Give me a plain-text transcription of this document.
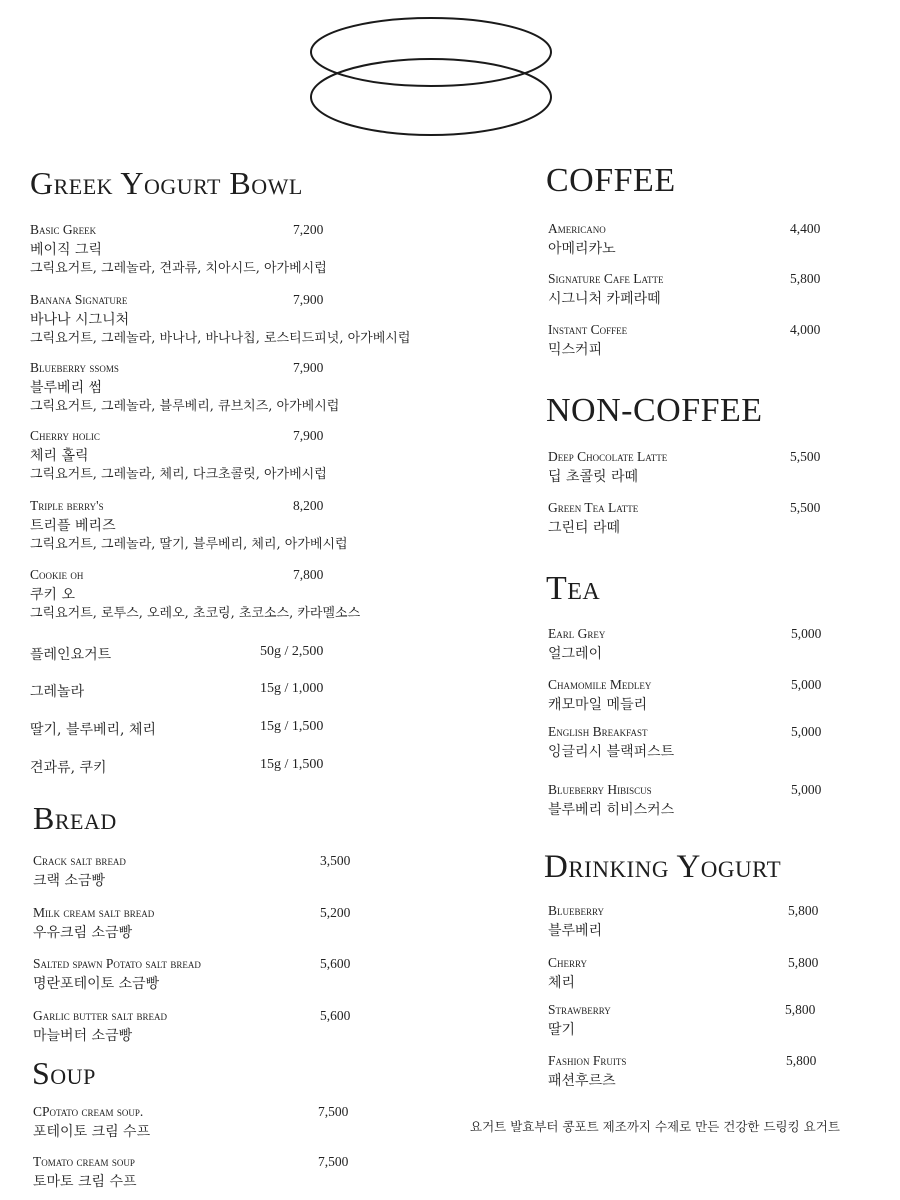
Greek Yogurt Bowl
Basic Greek	7,200
베이직 그릭
그릭요거트, 그레놀라, 견과류, 치아시드, 아가베시럽
Banana Signature	7,900
바나나 시그니처
그릭요거트, 그레놀라, 바나나, 바나나칩, 로스티드피넛, 아가베시럽
Blueberry ssoms	7,900
블루베리 썸
그릭요거트, 그레놀라, 블루베리, 큐브치즈, 아가베시럽
Cherry holic	7,900
체리 홀릭
그릭요거트, 그레놀라, 체리, 다크초콜릿, 아가베시럽
Triple berry's	8,200
트리플 베리즈
그릭요거트, 그레놀라, 딸기, 블루베리, 체리, 아가베시럽
Cookie oh	7,800
쿠키 오
그릭요거트, 로투스, 오레오, 초코링, 초코소스, 카라멜소스
플레인요거트	50g / 2,500
그레놀라	15g / 1,000
딸기, 블루베리, 체리	15g / 1,500
견과류, 쿠키	15g / 1,500
Bread
Crack salt bread	3,500
크랙 소금빵
Milk cream salt bread	5,200
우유크림 소금빵
Salted spawn Potato salt bread	5,600
명란포테이토 소금빵
Garlic butter salt bread	5,600
마늘버터 소금빵
Soup
CPotato cream soup.	7,500
포테이토 크림 수프
Tomato cream soup	7,500
토마토 크림 수프
COFFEE
Americano	4,400
아메리카노
Signature Cafe Latte	5,800
시그니처 카페라떼
Instant Coffee	4,000
믹스커피
NON-COFFEE
Deep Chocolate Latte	5,500
딥 초콜릿 라떼
Green Tea Latte	5,500
그린티 라떼
Tea
Earl Grey	5,000
얼그레이
Chamomile Medley	5,000
캐모마일 메들리
English Breakfast	5,000
잉글리시 블랙퍼스트
Blueberry Hibiscus	5,000
블루베리 히비스커스
Drinking Yogurt
Blueberry	5,800
블루베리
Cherry	5,800
체리
Strawberry	5,800
딸기
Fashion Fruits	5,800
패션후르츠
요거트 발효부터 콩포트 제조까지 수제로 만든 건강한 드링킹 요거트
